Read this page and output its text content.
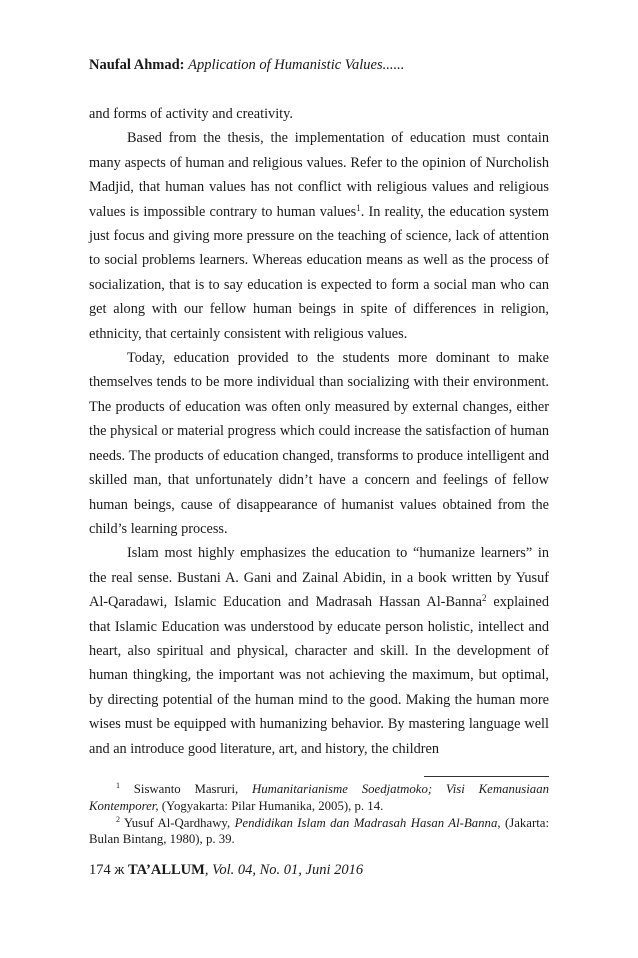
Naufal Ahmad: Application of Humanistic Values......

and forms of activity and creativity.

Based from the thesis, the implementation of education must contain many aspects of human and religious values. Refer to the opinion of Nurcholish Madjid, that human values has not conflict with religious values and religious values is impossible contrary to human values$^1$. In reality, the education system just focus and giving more pressure on the teaching of science, lack of attention to social problems learners. Whereas education means as well as the process of socialization, that is to say education is expected to form a social man who can get along with our fellow human beings in spite of differences in religion, ethnicity, that certainly consistent with religious values.

Today, education provided to the students more dominant to make themselves tends to be more individual than socializing with their environment. The products of education was often only measured by external changes, either the physical or material progress which could increase the satisfaction of human needs. The products of education changed, transforms to produce intelligent and skilled man, that unfortunately didn’t have a concern and feelings of fellow human beings, cause of disappearance of humanist values obtained from the child’s learning process.

Islam most highly emphasizes the education to “humanize learners” in the real sense. Bustani A. Gani and Zainal Abidin, in a book written by Yusuf Al-Qaradawi, Islamic Education and Madrasah Hassan Al-Banna$^2$ explained that Islamic Education was understood by educate person holistic, intellect and heart, also spiritual and physical, character and skill. In the development of human thingking, the important was not achieving the maximum, but optimal, by directing potential of the human mind to the good. Making the human more wises must be equipped with humanizing behavior. By mastering language well and an introduce good literature, art, and history, the children

$^1$ Siswanto Masruri, Humanitarianisme Soedjatmoko; Visi Kemanusiaan Kontemporer, (Yogyakarta: Pilar Humanika, 2005), p. 14.

$^2$ Yusuf Al-Qardhawy, Pendidikan Islam dan Madrasah Hasan Al-Banna, (Jakarta: Bulan Bintang, 1980), p. 39.

174 ж TA’ALLUM, Vol. 04, No. 01, Juni 2016
